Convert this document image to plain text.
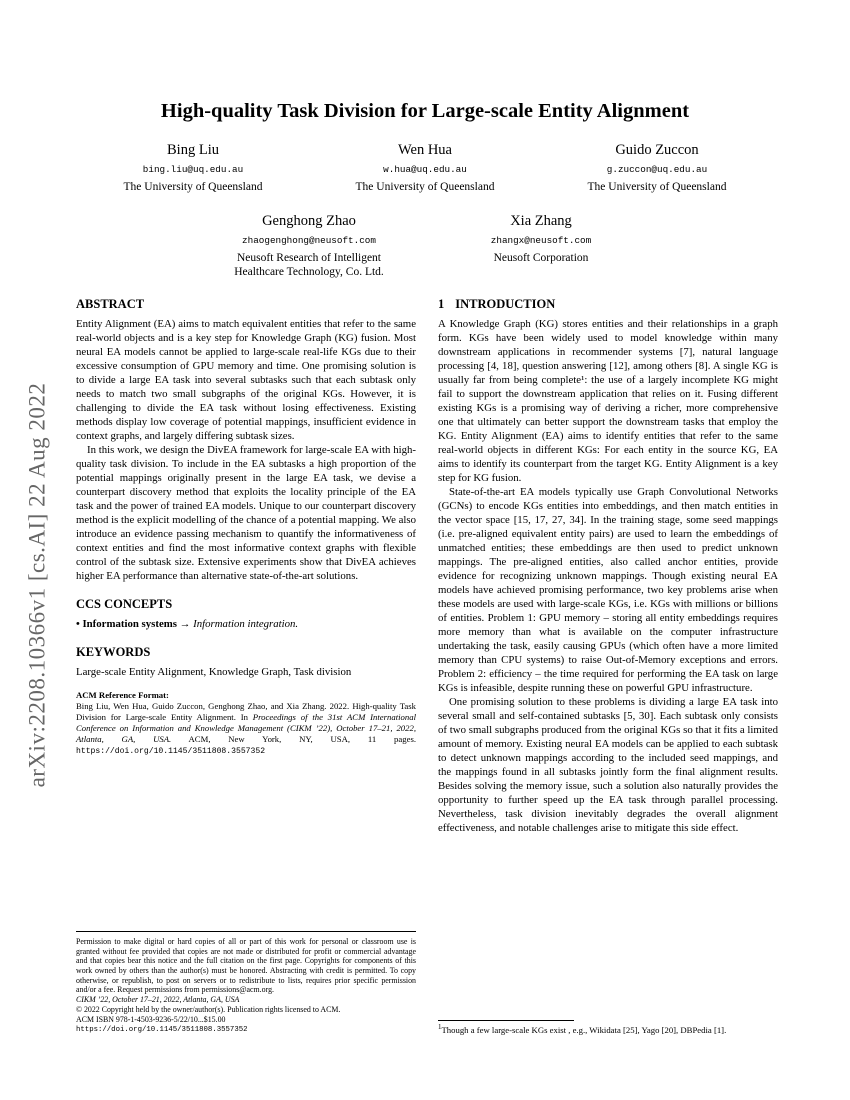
arXiv:2208.10366v1 [cs.AI] 22 Aug 2022
High-quality Task Division for Large-scale Entity Alignment
Bing Liu
bing.liu@uq.edu.au
The University of Queensland
Wen Hua
w.hua@uq.edu.au
The University of Queensland
Guido Zuccon
g.zuccon@uq.edu.au
The University of Queensland
Genghong Zhao
zhaogenghong@neusoft.com
Neusoft Research of Intelligent
Healthcare Technology, Co. Ltd.
Xia Zhang
zhangx@neusoft.com
Neusoft Corporation
ABSTRACT

Entity Alignment (EA) aims to match equivalent entities that refer to the same real-world objects and is a key step for Knowledge Graph (KG) fusion. Most neural EA models cannot be applied to large-scale real-life KGs due to their excessive consumption of GPU memory and time. One promising solution is to divide a large EA task into several subtasks such that each subtask only needs to match two small subgraphs of the original KGs. However, it is challenging to divide the EA task without losing effectiveness. Existing methods display low coverage of potential mappings, insufficient evidence in context graphs, and largely differing subtask sizes.

In this work, we design the DivEA framework for large-scale EA with high-quality task division. To include in the EA subtasks a high proportion of the potential mappings originally present in the large EA task, we devise a counterpart discovery method that exploits the locality principle of the EA task and the power of trained EA models. Unique to our counterpart discovery method is the explicit modelling of the chance of a potential mapping. We also introduce an evidence passing mechanism to quantify the informativeness of context entities and find the most informative context graphs with flexible control of the subtask size. Extensive experiments show that DivEA achieves higher EA performance than alternative state-of-the-art solutions.

CCS CONCEPTS

• Information systems → Information integration.

KEYWORDS

Large-scale Entity Alignment, Knowledge Graph, Task division

ACM Reference Format:
Bing Liu, Wen Hua, Guido Zuccon, Genghong Zhao, and Xia Zhang. 2022. High-quality Task Division for Large-scale Entity Alignment. In Proceedings of the 31st ACM International Conference on Information and Knowledge Management (CIKM ’22), October 17–21, 2022, Atlanta, GA, USA. ACM, New York, NY, USA, 11 pages. https://doi.org/10.1145/3511808.3557352

Permission to make digital or hard copies of all or part of this work for personal or classroom use is granted without fee provided that copies are not made or distributed for profit or commercial advantage and that copies bear this notice and the full citation on the first page. Copyrights for components of this work owned by others than the author(s) must be honored. Abstracting with credit is permitted. To copy otherwise, or republish, to post on servers or to redistribute to lists, requires prior specific permission and/or a fee. Request permissions from permissions@acm.org.

CIKM ’22, October 17–21, 2022, Atlanta, GA, USA

© 2022 Copyright held by the owner/author(s). Publication rights licensed to ACM.

ACM ISBN 978-1-4503-9236-5/22/10...$15.00

https://doi.org/10.1145/3511808.3557352

1 INTRODUCTION

A Knowledge Graph (KG) stores entities and their relationships in a graph form. KGs have been widely used to model knowledge within many downstream applications in recommender systems [7], natural language processing [4, 18], question answering [12], among others [8]. A single KG is usually far from being complete¹: the use of a largely incomplete KG might fail to support the downstream application that relies on it. Fusing different existing KGs is a promising way of deriving a richer, more comprehensive one that ultimately can better support the downstream tasks that employ the KG. Entity Alignment (EA) aims to identify entities that refer to the same real-world objects in different KGs: For each entity in the source KG, EA aims to identify its counterpart from the target KG. Entity Alignment is a key step for KG fusion.

State-of-the-art EA models typically use Graph Convolutional Networks (GCNs) to encode KGs entities into embeddings, and then match entities in the vector space [15, 17, 27, 34]. In the training stage, some seed mappings (i.e. pre-aligned equivalent entity pairs) are used to learn the embeddings of unmatched entities; these embeddings are then used to predict unknown mappings. The pre-aligned entities, also called anchor entities, provide evidence for recognizing unknown mappings. Though existing neural EA models have achieved promising performance, two key problems arise when these models are used with large-scale KGs, i.e. KGs with millions or billions of entities. Problem 1: GPU memory – storing all entity embeddings requires more memory than what is available on the computer infrastructure undertaking the task, easily causing GPUs (which often have a more limited memory than CPU systems) to raise Out-of-Memory exceptions and errors. Problem 2: efficiency – the time required for performing the EA task on large KGs is infeasible, despite running these on powerful GPU infrastructure.

One promising solution to these problems is dividing a large EA task into several small and self-contained subtasks [5, 30]. Each subtask only consists of two small subgraphs produced from the original KGs so that it fits a limited amount of memory. Existing neural EA models can be applied to each subtask to detect unknown mappings according to the included seed mappings, and the mappings found in all subtasks jointly form the final alignment results. Besides solving the memory issue, such a solution also naturally provides the opportunity to further speed up the EA task through parallel processing. Nevertheless, task division inevitably degrades the overall alignment effectiveness, and notable challenges arise to mitigate this side effect.

$^1$Though a few large-scale KGs exist , e.g., Wikidata [25], Yago [20], DBPedia [1].
